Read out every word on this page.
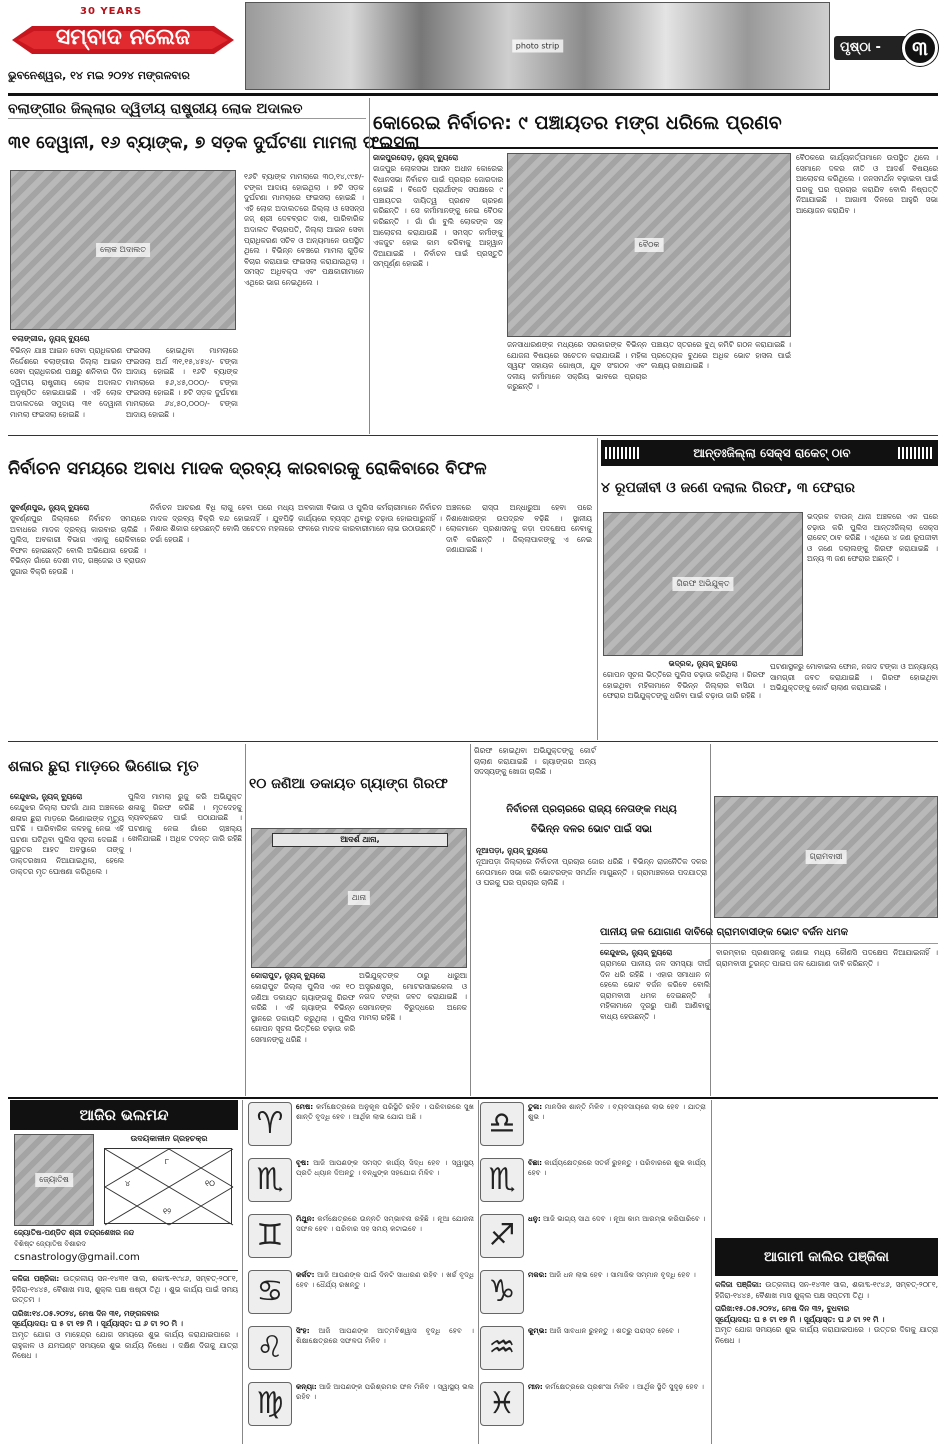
30 YEARS
ସମ୍ବାଦ ନଲେଜ
ଭୁବନେଶ୍ୱର, ୧୪ ମଇ ୨୦୨୪ ମଙ୍ଗଳବାର
photo strip	ପୃଷ୍ଠା -	୩
ବଲାଙ୍ଗୀର ଜିଲ୍ଲାର ଦ୍ୱିତୀୟ ରାଷ୍ଟ୍ରୀୟ ଲୋକ ଅଦାଲତ
୩୧ ଦେୱାନୀ, ୧୬ ବ୍ୟାଙ୍କ, ୭ ସଡ଼କ ଦୁର୍ଘଟଣା ମାମଲା ଫଇସଲା
ଲୋକ ଅଦାଲତ
ବଲାଙ୍ଗୀର, ନ୍ୟୁଜ୍ ବ୍ୟୁରୋ
ବିଭିନ୍ନ ଯାଞ୍ଚ ଆଇନ ସେବା ପ୍ରାଧିକରଣ ନିର୍ଦ୍ଦେଶରେ ବଲାଙ୍ଗୀର ଜିଲ୍ଲା ଆଇନ ସେବା ପ୍ରାଧିକରଣ ପକ୍ଷରୁ ଶନିବାର ଦିନ ଦ୍ୱିତୀୟ ରାଷ୍ଟ୍ରୀୟ ଲୋକ ଅଦାଲତ ଅନୁଷ୍ଠିତ ହୋଇଯାଇଛି । ଏହି ଲୋକ ଅଦାଲତରେ ସମୁଦାୟ ୩୧ ଦେୱାନୀ ମାମଲା ଫଇସଲା ହୋଇଛି ।
ଫଇସଲା ହୋଇଥିବା ମାମଲାରେ ଫଇସଲା ଅର୍ଥ ୩୧,୧୫,୪୫୪/- ଟଙ୍କା ଆଦାୟ ହୋଇଛି । ୧୬ଟି ବ୍ୟାଙ୍କ ମାମଲାରେ ୫୬,୪୫,୦୦୦/- ଟଙ୍କା ଫଇସଲା ହୋଇଛି । ୭ଟି ସଡ଼କ ଦୁର୍ଘଟଣା ମାମଲାରେ ୬୪,୫୦,୦୦୦/- ଟଙ୍କା ଆଦାୟ ହୋଇଛି ।
୧୬ଟି ବ୍ୟାଙ୍କ ମାମଲାରେ ୩୦,୧୪,୯୯୭/- ଟଙ୍କା ଆଦାୟ ହୋଇଥିଲା । ୭ଟି ସଡ଼କ ଦୁର୍ଘଟଣା ମାମଲାରେ ଫଇସଲା ହୋଇଛି । ଏହି ଲୋକ ଅଦାଲତରେ ଜିଲ୍ଲା ଓ ସେସନ୍ସ ଜଜ୍ ଶ୍ରୀ ଦେବବ୍ରତ ଦାଶ, ପାରିବାରିକ ଅଦାଲତ ବିଚାରପତି, ଜିଲ୍ଲା ଆଇନ ସେବା ପ୍ରାଧିକରଣ ସଚିବ ଓ ଅନ୍ୟମାନେ ଉପସ୍ଥିତ ଥିଲେ । ବିଭିନ୍ନ ବେଞ୍ଚରେ ମାମଲା ଗୁଡ଼ିକ ବିଚାର କରାଯାଇ ଫଇସଲା କରାଯାଇଥିଲା । ସମସ୍ତ ଅଧିବକ୍ତା ଏବଂ ପକ୍ଷକାରୀମାନେ ଏଥିରେ ଭାଗ ନେଇଥିଲେ ।
କୋରେଇ ନିର୍ବାଚନ: ୯ ପଞ୍ଚାୟତର ମଙ୍ଗ ଧରିଲେ ପ୍ରଣବ
ଜାଜପୁରରୋଡ଼, ନ୍ୟୁଜ୍ ବ୍ୟୁରୋ
ଜାଜପୁର ଲୋକସଭା ଆସନ ଅଧୀନ କୋରେଇ ବିଧାନସଭା ନିର୍ବାଚନ ପାଇଁ ପ୍ରଚାର ଜୋରଦାର ହୋଇଛି । ବିଜେଡି ପ୍ରାର୍ଥୀଙ୍କ ସପକ୍ଷରେ ୯ ପଞ୍ଚାୟତର ଦାୟିତ୍ୱ ପ୍ରଣବ ଗ୍ରହଣ କରିଛନ୍ତି । ସେ କର୍ମୀମାନଙ୍କୁ ନେଇ ବୈଠକ କରିଛନ୍ତି । ଗାଁ ଗାଁ ବୁଲି ଲୋକଙ୍କ ସହ ଆଲୋଚନା କରାଯାଉଛି । ସମସ୍ତ କର୍ମୀଙ୍କୁ ଏକଜୁଟ ହୋଇ କାମ କରିବାକୁ ଆହ୍ୱାନ ଦିଆଯାଇଛି । ନିର୍ବାଚନ ପାଇଁ ପ୍ରସ୍ତୁତି ସମ୍ପୂର୍ଣ୍ଣ ହୋଇଛି ।
ବୈଠକ
ଜନସାଧାରଣଙ୍କ ମଧ୍ୟରେ ସରକାରଙ୍କ ବିଭିନ୍ନ ଯୋଜନା ବିଷୟରେ ସଚେତନ କରାଯାଉଛି । ମହିଳା ସ୍ୱୟଂ ସହାୟକ ଗୋଷ୍ଠୀ, ଯୁବ ସଂଗଠନ ଏବଂ ଦଳୀୟ କର୍ମୀମାନେ ସକ୍ରିୟ ଭାବରେ ପ୍ରଚାର କରୁଛନ୍ତି ।
ପଞ୍ଚାୟତ ସ୍ତରରେ ବୁଥ୍ କମିଟି ଗଠନ କରାଯାଇଛି । ପ୍ରତ୍ୟେକ ବୁଥରେ ଅଧିକ ଭୋଟ ହାସଲ ପାଇଁ ଲକ୍ଷ୍ୟ ରଖାଯାଇଛି ।
ବୈଠକରେ କାର୍ଯ୍ୟକର୍ତ୍ତାମାନେ ଉପସ୍ଥିତ ଥିଲେ । ସେମାନେ ଦଳର ନୀତି ଓ ଆଦର୍ଶ ବିଷୟରେ ଆଲୋଚନା କରିଥିଲେ । ଜନସମର୍ଥନ ବଢ଼ାଇବା ପାଇଁ ଘରକୁ ଘର ପ୍ରଚାର କରାଯିବ ବୋଲି ନିଷ୍ପତ୍ତି ନିଆଯାଇଛି । ଆଗାମୀ ଦିନରେ ଆହୁରି ସଭା ଆୟୋଜନ କରାଯିବ ।
ନିର୍ବାଚନ ସମୟରେ ଅବାଧ ମାଦକ ଦ୍ରବ୍ୟ କାରବାରକୁ ରୋକିବାରେ ବିଫଳ
ସୁବର୍ଣ୍ଣପୁର, ନ୍ୟୁଜ୍ ବ୍ୟୁରୋ
ସୁବର୍ଣ୍ଣପୁର ଜିଲ୍ଲାରେ ନିର୍ବାଚନ ସମୟରେ ଅବାଧରେ ମାଦକ ଦ୍ରବ୍ୟ କାରବାର ଚାଲିଛି । ପୁଲିସ, ଅବକାରୀ ବିଭାଗ ଏହାକୁ ରୋକିବାରେ ବିଫଳ ହୋଇଛନ୍ତି ବୋଲି ଅଭିଯୋଗ ହେଉଛି । ବିଭିନ୍ନ ଗାଁରେ ଦେଶୀ ମଦ, ଗଞ୍ଜେଇ ଓ ବ୍ରାଉନ ସୁଗାର ବିକ୍ରି ହେଉଛି ।
ନିର୍ବାଚନ ଆଚରଣ ବିଧି ଲାଗୁ ହେବା ପରେ ମଧ୍ୟ ମାଦକ ଦ୍ରବ୍ୟ ବିକ୍ରି ବନ୍ଦ ହୋଇନାହିଁ । ଯୁବପିଢ଼ି ନିଶାର ଶିକାର ହେଉଛନ୍ତି ବୋଲି ସଚେତନ ମହଲରେ ଚର୍ଚ୍ଚା ହେଉଛି ।
ଅବକାରୀ ବିଭାଗ ଓ ପୁଲିସ କର୍ମଚାରୀମାନେ ନିର୍ବାଚନ କାର୍ଯ୍ୟରେ ବ୍ୟସ୍ତ ଥିବାରୁ ଚଢ଼ାଉ ହୋଇପାରୁନାହିଁ । ଫଳରେ ମାଦକ କାରବାରୀମାନେ ଲାଭ ଉଠାଉଛନ୍ତି ।
ଅଞ୍ଚଳରେ ରାସ୍ତା ଅନ୍ଧାରୁଆ ହେବା ପରେ ନିଶାଖୋରଙ୍କ ଉପଦ୍ରବ ବଢ଼ିଛି । ସ୍ଥାନୀୟ ଲୋକମାନେ ପ୍ରଶାସନକୁ କଡ଼ା ପଦକ୍ଷେପ ନେବାକୁ ଦାବି କରିଛନ୍ତି । ଜିଲ୍ଲାପାଳଙ୍କୁ ଏ ନେଇ ଜଣାଯାଇଛି ।
ଆନ୍ତଃଜିଲ୍ଲା ସେକ୍ସ ରାକେଟ୍ ଠାବ
୪ ରୂପଜୀବୀ ଓ ଜଣେ ଦଲାଲ ଗିରଫ, ୩ ଫେରାର
ଗିରଫ ଅଭିଯୁକ୍ତ
ଭଦ୍ରକ, ନ୍ୟୁଜ୍ ବ୍ୟୁରୋ
ଭଦ୍ରକ ଟାଉନ୍ ଥାନା ଅଞ୍ଚଳରେ ଏକ ଘରେ ଚଢ଼ାଉ କରି ପୁଲିସ ଆନ୍ତଃଜିଲ୍ଲା ସେକ୍ସ ରାକେଟ୍ ଠାବ କରିଛି । ଏଥିରେ ୪ ଜଣ ରୂପଜୀବୀ ଓ ଜଣେ ଦଲାଲଙ୍କୁ ଗିରଫ କରାଯାଇଛି । ଅନ୍ୟ ୩ ଜଣ ଫେରାର ଅଛନ୍ତି ।
ଗୋପନ ସୂଚନା ଭିତ୍ତିରେ ପୁଲିସ ଚଢ଼ାଉ କରିଥିଲା । ଗିରଫ ହୋଇଥିବା ମହିଳାମାନେ ବିଭିନ୍ନ ଜିଲ୍ଲାର ବାସିନ୍ଦା । ଫେରାର ଅଭିଯୁକ୍ତଙ୍କୁ ଧରିବା ପାଇଁ ଚଢ଼ାଉ ଜାରି ରହିଛି ।
ଘଟଣାସ୍ଥଳରୁ ମୋବାଇଲ ଫୋନ, ନଗଦ ଟଙ୍କା ଓ ଅନ୍ୟାନ୍ୟ ସାମଗ୍ରୀ ଜବତ କରାଯାଇଛି । ଗିରଫ ହୋଇଥିବା ଅଭିଯୁକ୍ତଙ୍କୁ କୋର୍ଟ ଚାଲାଣ କରାଯାଇଛି ।
ଶଳାର ଛୁରା ମାଡ଼ରେ ଭିଣୋଇ ମୃତ
କେନ୍ଦୁଝର, ନ୍ୟୁଜ୍ ବ୍ୟୁରୋ
କେନ୍ଦୁଝର ଜିଲ୍ଲା ଘଟଗାଁ ଥାନା ଅଞ୍ଚଳରେ ଶଳାର ଛୁରା ମାଡ଼ରେ ଭିଣୋଇଙ୍କ ମୃତ୍ୟୁ ଘଟିଛି । ପାରିବାରିକ କଳହକୁ ନେଇ ଏହି ଘଟଣା ଘଟିଥିବା ପୁଲିସ ସୂଚନା ଦେଇଛି । ଗୁରୁତର ଆହତ ଅବସ୍ଥାରେ ତାଙ୍କୁ ଡାକ୍ତରଖାନା ନିଆଯାଇଥିଲା, ହେଲେ ଡାକ୍ତର ମୃତ ଘୋଷଣା କରିଥିଲେ ।
ପୁଲିସ ମାମଲା ରୁଜୁ କରି ଅଭିଯୁକ୍ତ ଶଳାକୁ ଗିରଫ କରିଛି । ମୃତଦେହକୁ ବ୍ୟବଚ୍ଛେଦ ପାଇଁ ପଠାଯାଇଛି । ଘଟଣାକୁ ନେଇ ଗାଁରେ ଚାଞ୍ଚଲ୍ୟ ଖେଳିଯାଇଛି । ଅଧିକ ତଦନ୍ତ ଜାରି ରହିଛି ।
୧୦ ଜଣିଆ ଡକାୟତ ଗ୍ୟାଙ୍ଗ ଗିରଫ
ଆଦର୍ଶ ଥାନା,
ଥାନା
କୋରାପୁଟ, ନ୍ୟୁଜ୍ ବ୍ୟୁରୋ
କୋରାପୁଟ ଜିଲ୍ଲା ପୁଲିସ ଏକ ୧୦ ଜଣିଆ ଡକାୟତ ଗ୍ୟାଙ୍ଗକୁ ଗିରଫ କରିଛି । ଏହି ଗ୍ୟାଙ୍ଗ ବିଭିନ୍ନ ସ୍ଥାନରେ ଡକାୟତି କରୁଥିଲା । ପୁଲିସ ଗୋପନ ସୂଚନା ଭିତ୍ତିରେ ଚଢ଼ାଉ କରି ସେମାନଙ୍କୁ ଧରିଛି ।
ଅଭିଯୁକ୍ତଙ୍କ ଠାରୁ ଧାରୁଆ ଅସ୍ତ୍ରଶସ୍ତ୍ର, ମୋଟରସାଇକେଲ ଓ ନଗଦ ଟଙ୍କା ଜବତ କରାଯାଇଛି । ସେମାନଙ୍କ ବିରୁଦ୍ଧରେ ଅନେକ ମାମଲା ରହିଛି ।
ଗିରଫ ହୋଇଥିବା ଅଭିଯୁକ୍ତଙ୍କୁ କୋର୍ଟ ଚାଲାଣ କରାଯାଇଛି । ଗ୍ୟାଙ୍ଗର ଅନ୍ୟ ସଦସ୍ୟଙ୍କୁ ଖୋଜା ଚାଲିଛି ।
ନିର୍ବାଚନୀ ପ୍ରଚାରରେ ରାଜ୍ୟ ନେତାଙ୍କ ମଧ୍ୟ
ବିଭିନ୍ନ ଦଳର ଭୋଟ ପାଇଁ ସଭା
ନୂଆପଡ଼ା, ନ୍ୟୁଜ୍ ବ୍ୟୁରୋ
ନୂଆପଡ଼ା ଜିଲ୍ଲାରେ ନିର୍ବାଚନୀ ପ୍ରଚାର ଜୋର ଧରିଛି । ବିଭିନ୍ନ ରାଜନୈତିକ ଦଳର ନେତାମାନେ ସଭା କରି ଭୋଟରଙ୍କ ସମର୍ଥନ ମାଗୁଛନ୍ତି । ଗ୍ରାମାଞ୍ଚଳରେ ପଦଯାତ୍ରା ଓ ଘରକୁ ଘର ପ୍ରଚାର ଚାଲିଛି ।
ଗ୍ରାମବାସୀ
ପାନୀୟ ଜଳ ଯୋଗାଣ ଦାବିରେ ଗ୍ରାମବାସୀଙ୍କ ଭୋଟ ବର୍ଜନ ଧମକ
କେନ୍ଦୁଝର, ନ୍ୟୁଜ୍ ବ୍ୟୁରୋ
ଗ୍ରାମରେ ପାନୀୟ ଜଳ ସମସ୍ୟା ଦୀର୍ଘ ଦିନ ଧରି ରହିଛି । ଏହାର ସମାଧାନ ନ ହେଲେ ଭୋଟ ବର୍ଜନ କରିବେ ବୋଲି ଗ୍ରାମବାସୀ ଧମକ ଦେଇଛନ୍ତି । ମହିଳାମାନେ ଦୂରରୁ ପାଣି ଆଣିବାକୁ ବାଧ୍ୟ ହେଉଛନ୍ତି ।
ବାରମ୍ବାର ପ୍ରଶାସନକୁ ଜଣାଇ ମଧ୍ୟ କୌଣସି ପଦକ୍ଷେପ ନିଆଯାଇନାହିଁ । ଗ୍ରାମବାସୀ ତୁରନ୍ତ ପାଇପ ଜଳ ଯୋଗାଣ ଦାବି କରିଛନ୍ତି ।
ଆଜିର ଭଲମନ୍ଦ
ଉଦୟକାଳୀନ ଗ୍ରହଚକ୍ର
ଜ୍ୟୋତିଷ	୪
୮
୧୦
୧୨
ଜ୍ୟୋତିଷ-ପଣ୍ଡିତ ଶ୍ରୀ ଚନ୍ଦ୍ରଶେଖର ନନ୍ଦ
ବିଶିଷ୍ଟ ଜ୍ୟୋତିଷ ବିଶାରଦ
csnastrology@gmail.com
କଳିଜା ପଞ୍ଜିକା: ଉତ୍କଳୀୟ ସନ-୧୪୩୧ ସାଲ, ଶକାବ୍ଦ-୧୯୪୬, ସମ୍ବତ୍-୨୦୮୧, ହିଜିରା-୧୪୪୫, ବୈଶାଖ ମାସ, ଶୁକ୍ଲ ପକ୍ଷ ଷଷ୍ଠୀ ତିଥି । ଶୁଭ କାର୍ଯ୍ୟ ପାଇଁ ସମୟ ଉତ୍ତମ ।
ତାରିଖ:୧୪.୦୫.୨୦୨୪, ମେଷ ଦିନ ୩୧, ମଙ୍ଗଳବାର
ସୂର୍ଯ୍ୟୋଦୟ: ଘ ୫ ଟା ୧୭ ମି । ସୂର୍ଯ୍ୟାସ୍ତ: ଘ ୬ ଟା ୨୦ ମି ।
ଅମୃତ ଯୋଗ ଓ ମାହେନ୍ଦ୍ର ଯୋଗ ସମୟରେ ଶୁଭ କାର୍ଯ୍ୟ କରାଯାଇପାରେ । ରାହୁକାଳ ଓ ଯମଘଣ୍ଟ ସମୟରେ ଶୁଭ କାର୍ଯ୍ୟ ନିଷେଧ । ଦକ୍ଷିଣ ଦିଗକୁ ଯାତ୍ରା ନିଷେଧ ।
♈	ମେଷ: କର୍ମକ୍ଷେତ୍ରରେ ଅନୁକୂଳ ପରିସ୍ଥିତି ରହିବ । ପରିବାରରେ ସୁଖ ଶାନ୍ତି ବୃଦ୍ଧି ହେବ । ଆର୍ଥିକ ଲାଭ ଯୋଗ ଅଛି ।
♏	ବୃଷ: ଆଜି ଆପଣଙ୍କ ସମସ୍ତ କାର୍ଯ୍ୟ ସିଦ୍ଧ ହେବ । ସ୍ୱାସ୍ଥ୍ୟ ପ୍ରତି ଧ୍ୟାନ ଦିଅନ୍ତୁ । ବନ୍ଧୁଙ୍କ ସହଯୋଗ ମିଳିବ ।
♊	ମିଥୁନ: କର୍ମକ୍ଷେତ୍ରରେ ଉନ୍ନତି ସମ୍ଭାବନା ରହିଛି । ନୂଆ ଯୋଜନା ସଫଳ ହେବ । ପରିବାର ସହ ସମୟ କଟାଇବେ ।
♋	କର୍କଟ: ଆଜି ଆପଣଙ୍କ ପାଇଁ ଦିନଟି ସାଧାରଣ ରହିବ । ଖର୍ଚ୍ଚ ବୃଦ୍ଧି ହେବ । ଧୈର୍ଯ୍ୟ ରଖନ୍ତୁ ।
♌	ସିଂହ: ଆଜି ଆପଣଙ୍କ ଆତ୍ମବିଶ୍ୱାସ ବୃଦ୍ଧି ହେବ । ଶିକ୍ଷାକ୍ଷେତ୍ରରେ ସଫଳତା ମିଳିବ ।
♍	କନ୍ୟା: ଆଜି ଆପଣଙ୍କ ପରିଶ୍ରମର ଫଳ ମିଳିବ । ସ୍ୱାସ୍ଥ୍ୟ ଭଲ ରହିବ ।
♎	ତୁଳା: ମାନସିକ ଶାନ୍ତି ମିଳିବ । ବ୍ୟବସାୟରେ ଲାଭ ହେବ । ଯାତ୍ରା ଶୁଭ ।
♏	ବିଛା: କାର୍ଯ୍ୟକ୍ଷେତ୍ରରେ ସତର୍କ ରୁହନ୍ତୁ । ପରିବାରରେ ଶୁଭ କାର୍ଯ୍ୟ ହେବ ।
♐	ଧନୁ: ଆଜି ଭାଗ୍ୟ ସାଥ ଦେବ । ନୂଆ କାମ ଆରମ୍ଭ କରିପାରିବେ ।
♑	ମକର: ଆଜି ଧନ ଲାଭ ହେବ । ସାମାଜିକ ସମ୍ମାନ ବୃଦ୍ଧି ହେବ ।
♒	କୁମ୍ଭ: ଆଜି ସାବଧାନ ରୁହନ୍ତୁ । ଶତ୍ରୁ ପରାସ୍ତ ହେବେ ।
♓	ମୀନ: କର୍ମକ୍ଷେତ୍ରରେ ପ୍ରଶଂସା ମିଳିବ । ଆର୍ଥିକ ସ୍ଥିତି ସୁଦୃଢ଼ ହେବ ।
ଆଗାମୀ କାଲିର ପଞ୍ଜିକା
କଳିଜା ପଞ୍ଜିକା: ଉତ୍କଳୀୟ ସନ-୧୪୩୧ ସାଲ, ଶକାବ୍ଦ-୧୯୪୬, ସମ୍ବତ୍-୨୦୮୧, ହିଜିରା-୧୪୪୫, ବୈଶାଖ ମାସ ଶୁକ୍ଲ ପକ୍ଷ ସପ୍ତମୀ ତିଥି ।
ତାରିଖ:୧୫.୦୫.୨୦୨୪, ମେଷ ଦିନ ୩୨, ବୁଧବାର
ସୂର୍ଯ୍ୟୋଦୟ: ଘ ୫ ଟା ୧୭ ମି । ସୂର୍ଯ୍ୟାସ୍ତ: ଘ ୬ ଟା ୨୧ ମି ।
ଅମୃତ ଯୋଗ ସମୟରେ ଶୁଭ କାର୍ଯ୍ୟ କରାଯାଇପାରେ । ଉତ୍ତର ଦିଗକୁ ଯାତ୍ରା ନିଷେଧ ।
